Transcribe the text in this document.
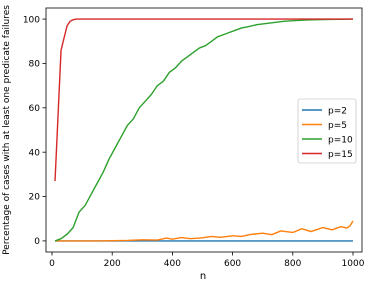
0	200	400	600	800	1000
0
20
40
60
80
100
n
Percentage of cases with at least one predicate failures	p=2
p=5
p=10
p=15
